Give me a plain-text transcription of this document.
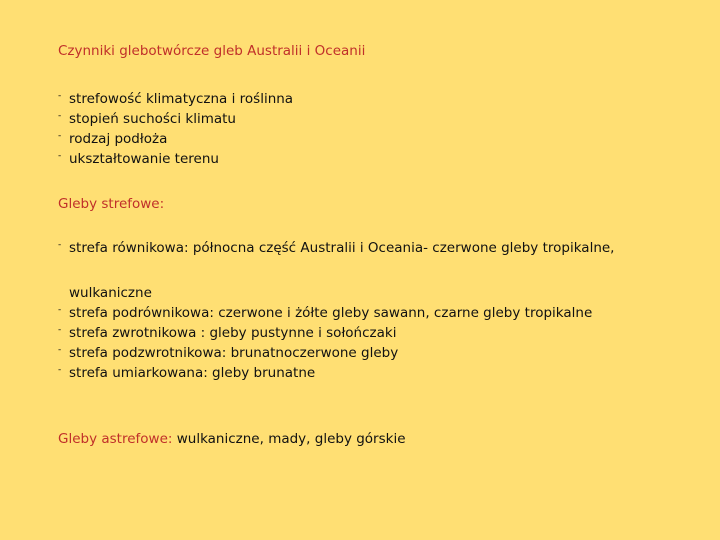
Czynniki glebotwórcze gleb Australii i Oceanii
- strefowość klimatyczna i roślinna
- stopień suchości klimatu
- rodzaj podłoża
- ukształtowanie terenu
Gleby strefowe:
- strefa równikowa: północna część Australii i Oceania- czerwone gleby tropikalne,
wulkaniczne
- strefa podrównikowa: czerwone i żółte gleby sawann, czarne gleby tropikalne
- strefa zwrotnikowa : gleby pustynne i sołończaki
- strefa podzwrotnikowa: brunatnoczerwone gleby
- strefa umiarkowana: gleby brunatne
Gleby astrefowe: wulkaniczne, mady, gleby górskie
